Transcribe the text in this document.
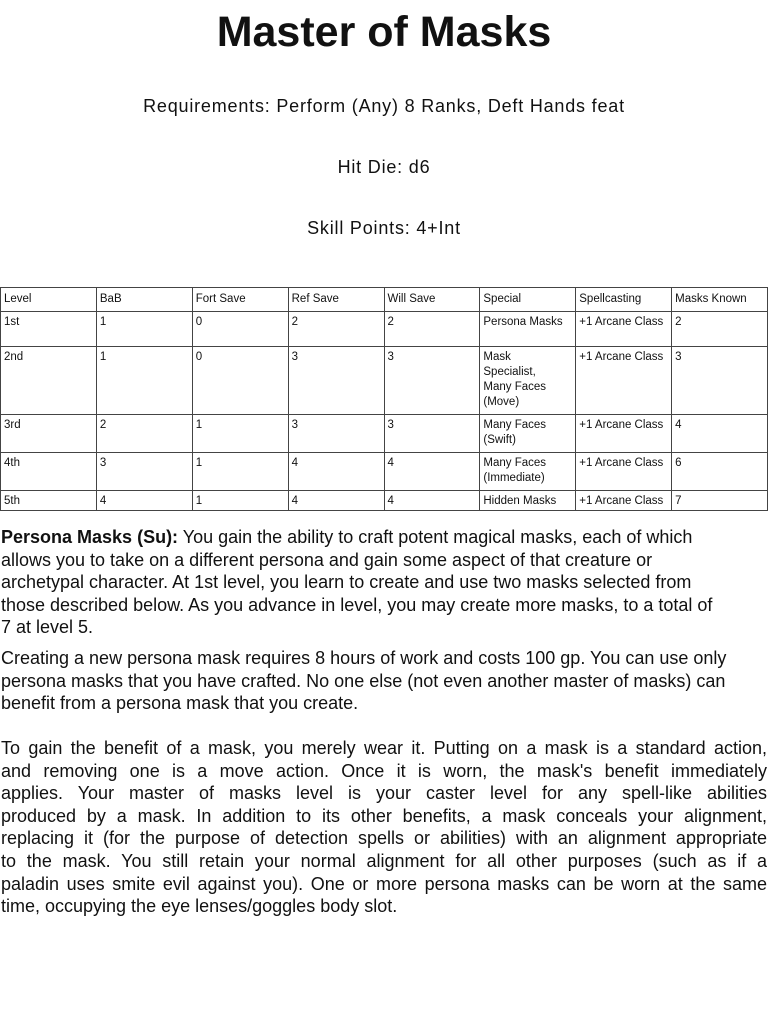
Master of Masks
Requirements: Perform (Any) 8 Ranks, Deft Hands feat
Hit Die: d6
Skill Points: 4+Int
Level	BaB	Fort Save	Ref Save	Will Save	Special	Spellcasting	Masks Known
1st	1	0	2	2	Persona Masks	+1 Arcane Class	2
2nd	1	0	3	3	Mask
Specialist,
Many Faces
(Move)	+1 Arcane Class	3
3rd	2	1	3	3	Many Faces
(Swift)	+1 Arcane Class	4
4th	3	1	4	4	Many Faces
(Immediate)	+1 Arcane Class	6
5th	4	1	4	4	Hidden Masks	+1 Arcane Class	7
Persona Masks (Su): You gain the ability to craft potent magical masks, each of which
allows you to take on a different persona and gain some aspect of that creature or
archetypal character. At 1st level, you learn to create and use two masks selected from
those described below. As you advance in level, you may create more masks, to a total of
7 at level 5.
Creating a new persona mask requires 8 hours of work and costs 100 gp. You can use only
persona masks that you have crafted. No one else (not even another master of masks) can
benefit from a persona mask that you create.
To gain the benefit of a mask, you merely wear it. Putting on a mask is a standard action,
and removing one is a move action. Once it is worn, the mask's benefit immediately
applies. Your master of masks level is your caster level for any spell-like abilities
produced by a mask. In addition to its other benefits, a mask conceals your alignment,
replacing it (for the purpose of detection spells or abilities) with an alignment appropriate
to the mask. You still retain your normal alignment for all other purposes (such as if a
paladin uses smite evil against you). One or more persona masks can be worn at the same
time, occupying the eye lenses/goggles body slot.
